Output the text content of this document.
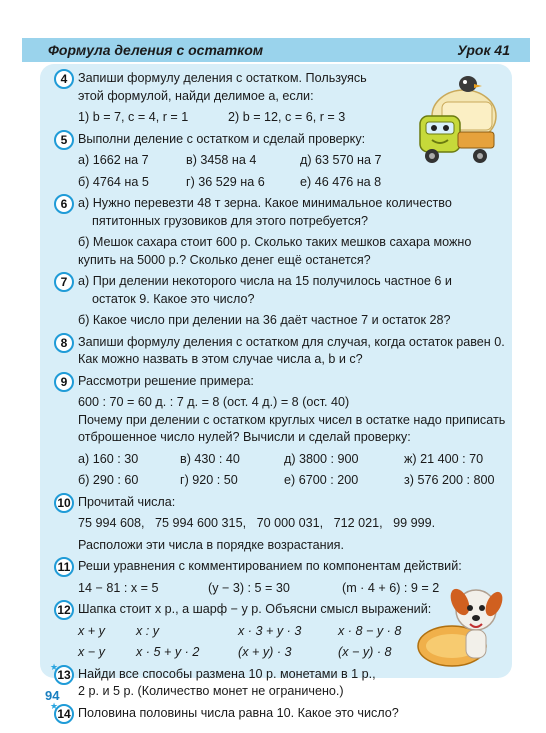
Формула деления с остатком	Урок 41
4 Запиши формулу деления с остатком. Пользуясь
этой формулой, найди делимое a, если:
1) b = 7, c = 4, r = 1	2) b = 12, c = 6, r = 3
5 Выполни деление с остатком и сделай проверку:
а) 1662 на 7	в) 3458 на 4	д) 63 570 на 7
б) 4764 на 5	г) 36 529 на 6	е) 46 476 на 8
6 а) Нужно перевезти 48 т зерна. Какое минимальное количество
пятитонных грузовиков для этого потребуется?
б) Мешок сахара стоит 600 р. Сколько таких мешков сахара можно
купить на 5000 р.? Сколько денег ещё останется?
7 а) При делении некоторого числа на 15 получилось частное 6 и
остаток 9. Какое это число?
б) Какое число при делении на 36 даёт частное 7 и остаток 28?
8 Запиши формулу деления с остатком для случая, когда остаток равен 0.
Как можно назвать в этом случае числа a, b и c?
9 Рассмотри решение примера:
600 : 70 = 60 д. : 7 д. = 8 (ост. 4 д.) = 8 (ост. 40)
Почему при делении с остатком круглых чисел в остатке надо приписать
отброшенное число нулей? Вычисли и сделай проверку:
а) 160 : 30	в) 430 : 40	д) 3800 : 900	ж) 21 400 : 70
б) 290 : 60	г) 920 : 50	е) 6700 : 200	з) 576 200 : 800
10 Прочитай числа:
75 994 608,   75 994 600 315,   70 000 031,   712 021,   99 999.
Расположи эти числа в порядке возрастания.
11 Реши уравнения с комментированием по компонентам действий:
14 − 81 : x = 5	(y − 3) : 5 = 30	(m · 4 + 6) : 9 = 2
12 Шапка стоит x р., а шарф − y р. Объясни смысл выражений:
x + y	x : y	x · 3 + y · 3	x · 8 − y · 8
x − y	x · 5 + y · 2	(x + y) · 3	(x − y) · 8
13
★ Найди все способы размена 10 р. монетами в 1 р.,
2 р. и 5 р. (Количество монет не ограничено.)
14
★ Половина половины числа равна 10. Какое это число?
94
